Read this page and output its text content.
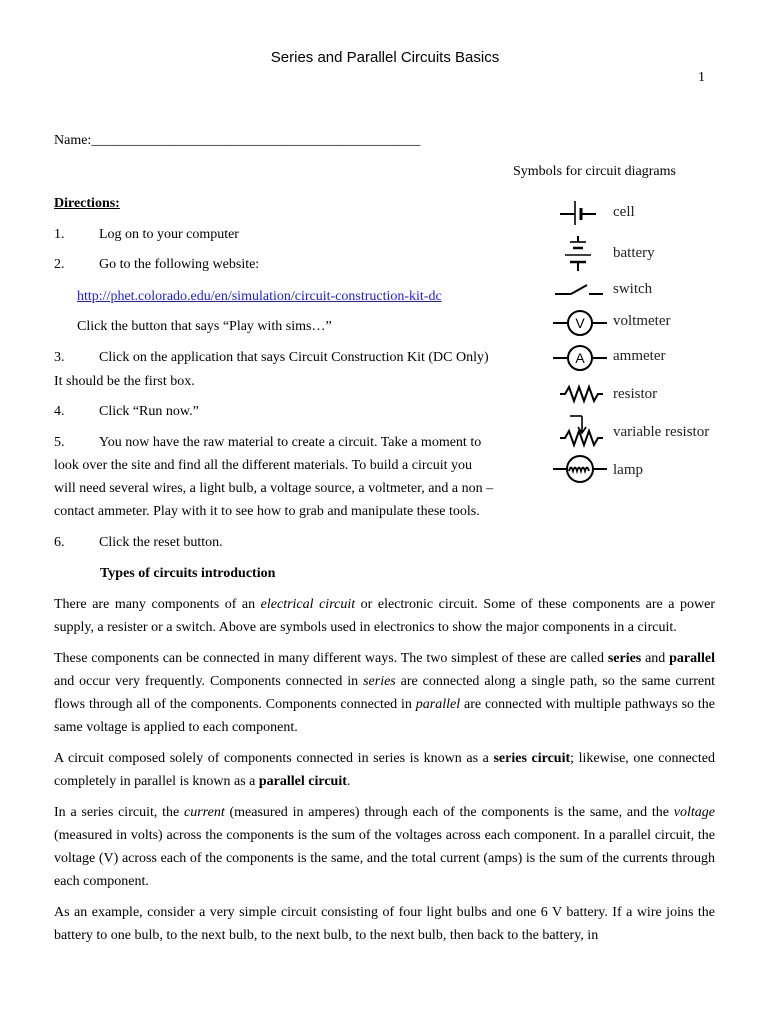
Series and Parallel Circuits Basics
1
Name:_______________________________________________
Directions:
1. Log on to your computer
2. Go to the following website:
http://phet.colorado.edu/en/simulation/circuit-construction-kit-dc
Click the button that says “Play with sims…”
3. Click on the application that says Circuit Construction Kit (DC Only)
It should be the first box.
4. Click “Run now.”
5. You now have the raw material to create a circuit. Take a moment to
look over the site and find all the different materials. To build a circuit you
will need several wires, a light bulb, a voltage source, a voltmeter, and a non –
contact ammeter. Play with it to see how to grab and manipulate these tools.
6. Click the reset button.
Types of circuits introduction
Symbols for circuit diagrams
cell
battery
switch
V voltmeter
A ammeter
resistor
variable resistor
lamp

There are many components of an electrical circuit or electronic circuit. Some of these components are a power supply, a resister or a switch. Above are symbols used in electronics to show the major components in a circuit.

These components can be connected in many different ways. The two simplest of these are called series and parallel and occur very frequently. Components connected in series are connected along a single path, so the same current flows through all of the components. Components connected in parallel are connected with multiple pathways so the same voltage is applied to each component.

A circuit composed solely of components connected in series is known as a series circuit; likewise, one connected completely in parallel is known as a parallel circuit.

In a series circuit, the current (measured in amperes) through each of the components is the same, and the voltage (measured in volts) across the components is the sum of the voltages across each component. In a parallel circuit, the voltage (V) across each of the components is the same, and the total current (amps) is the sum of the currents through each component.

As an example, consider a very simple circuit consisting of four light bulbs and one 6 V battery. If a wire joins the battery to one bulb, to the next bulb, to the next bulb, to the next bulb, then back to the battery, in
